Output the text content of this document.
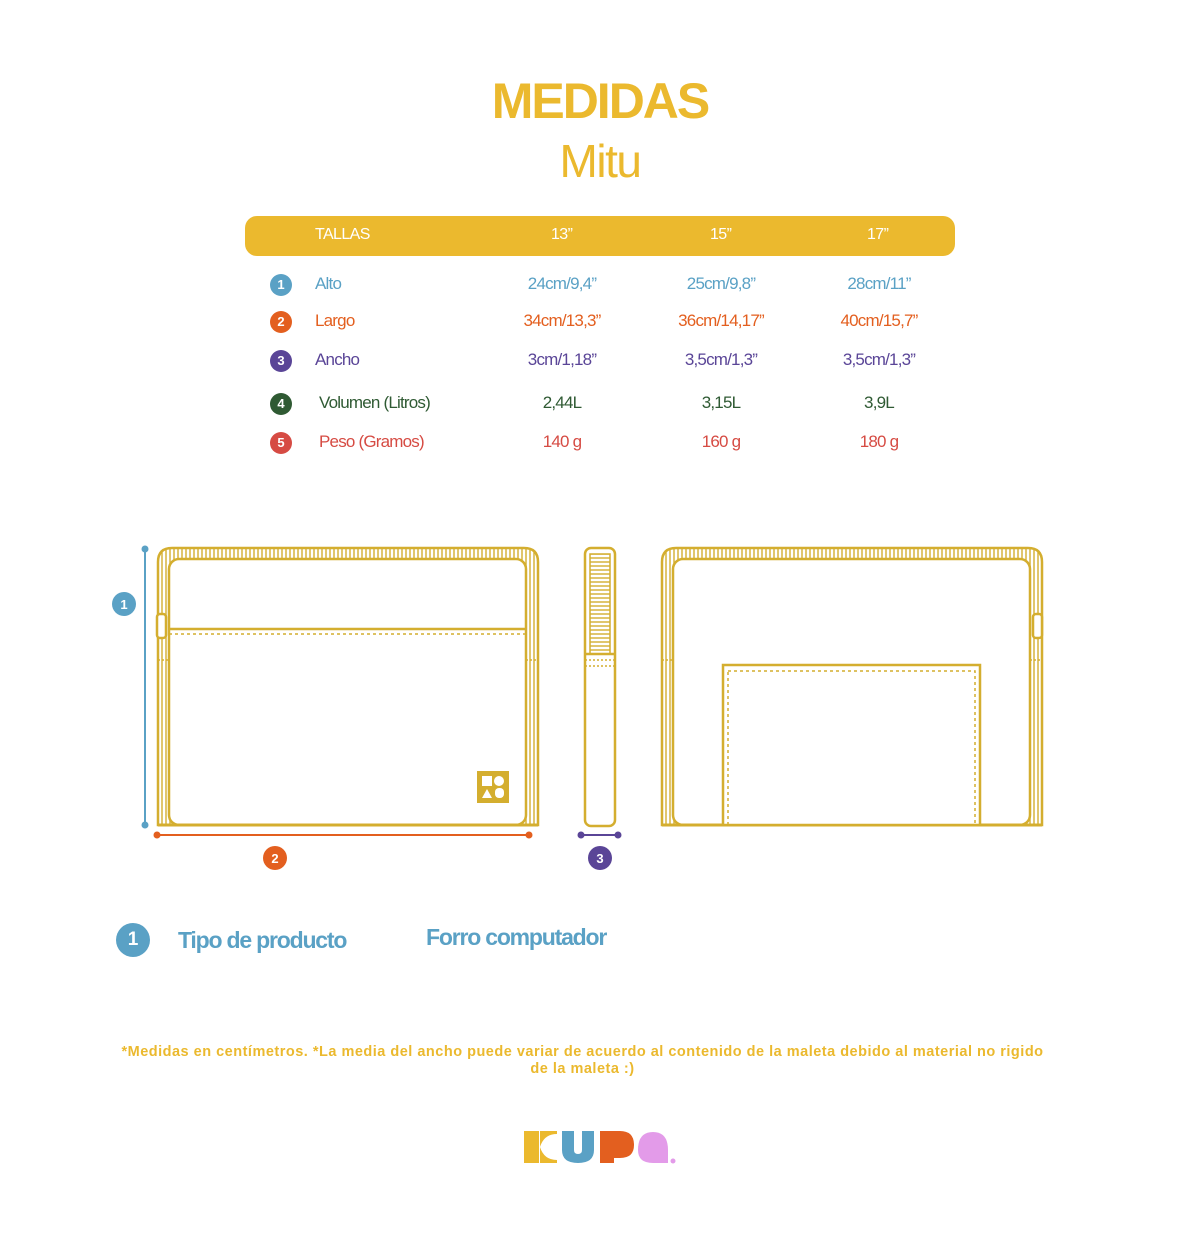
MEDIDAS
Mitu
TALLAS	13”	15”	17”
1	Alto	24cm/9,4”	25cm/9,8”	28cm/11”
2	Largo	34cm/13,3”	36cm/14,17”	40cm/15,7”
3	Ancho	3cm/1,18”	3,5cm/1,3”	3,5cm/1,3”
4	Volumen (Litros)	2,44L	3,15L	3,9L
5	Peso (Gramos)	140 g	160 g	180 g
1
2	3
1	Tipo de producto	Forro computador
*Medidas en centímetros. *La media del ancho puede variar de acuerdo al contenido de la maleta debido al material no rigido
de la maleta :)
